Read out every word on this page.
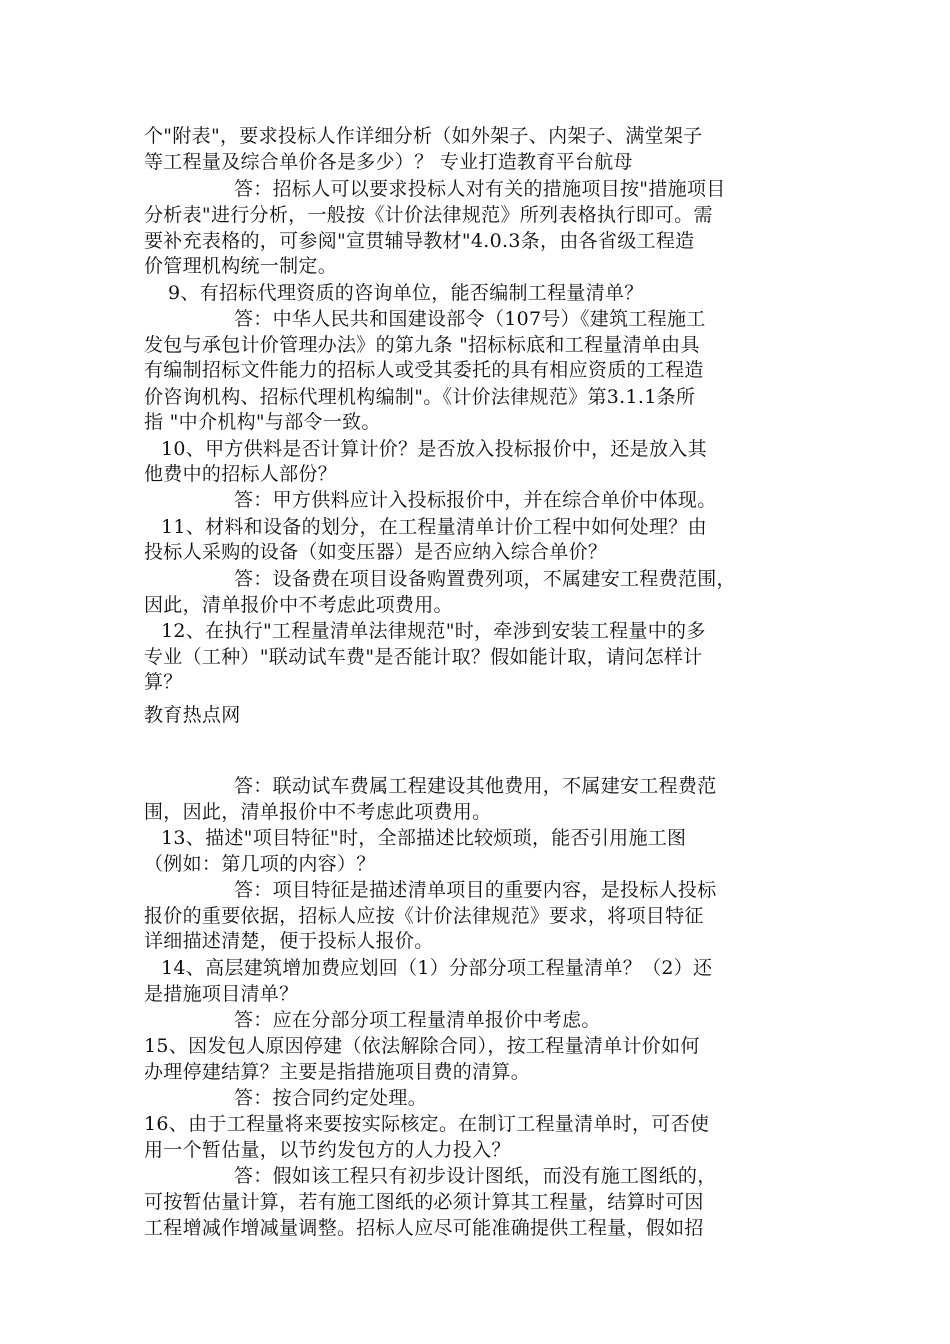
个"附表"，要求投标人作详细分析（如外架子、内架子、满堂架子
等工程量及综合单价各是多少）？ 专业打造教育平台航母
答：招标人可以要求投标人对有关的措施项目按"措施项目
分析表"进行分析，一般按《计价法律规范》所列表格执行即可。需
要补充表格的，可参阅"宣贯辅导教材"4.0.3条，由各省级工程造
价管理机构统一制定。
9、有招标代理资质的咨询单位，能否编制工程量清单？
答：中华人民共和国建设部令（107号）《建筑工程施工
发包与承包计价管理办法》的第九条 "招标标底和工程量清单由具
有编制招标文件能力的招标人或受其委托的具有相应资质的工程造
价咨询机构、招标代理机构编制"。《计价法律规范》第3.1.1条所
指 "中介机构"与部令一致。
10、甲方供料是否计算计价？是否放入投标报价中，还是放入其
他费中的招标人部份？
答：甲方供料应计入投标报价中，并在综合单价中体现。
11、材料和设备的划分，在工程量清单计价工程中如何处理？由
投标人采购的设备（如变压器）是否应纳入综合单价？
答：设备费在项目设备购置费列项，不属建安工程费范围，
因此，清单报价中不考虑此项费用。
12、在执行"工程量清单法律规范"时，牵涉到安装工程量中的多
专业（工种）"联动试车费"是否能计取？假如能计取，请问怎样计
算？
教育热点网
答：联动试车费属工程建设其他费用，不属建安工程费范
围，因此，清单报价中不考虑此项费用。
13、描述"项目特征"时，全部描述比较烦琐，能否引用施工图
（例如：第几项的内容）？
答：项目特征是描述清单项目的重要内容，是投标人投标
报价的重要依据，招标人应按《计价法律规范》要求，将项目特征
详细描述清楚，便于投标人报价。
14、高层建筑增加费应划回（1）分部分项工程量清单？（2）还
是措施项目清单？
答：应在分部分项工程量清单报价中考虑。
15、因发包人原因停建（依法解除合同），按工程量清单计价如何
办理停建结算？主要是指措施项目费的清算。
答：按合同约定处理。
16、由于工程量将来要按实际核定。在制订工程量清单时，可否使
用一个暂估量，以节约发包方的人力投入？
答：假如该工程只有初步设计图纸，而没有施工图纸的，
可按暂估量计算，若有施工图纸的必须计算其工程量，结算时可因
工程增减作增减量调整。招标人应尽可能准确提供工程量，假如招
